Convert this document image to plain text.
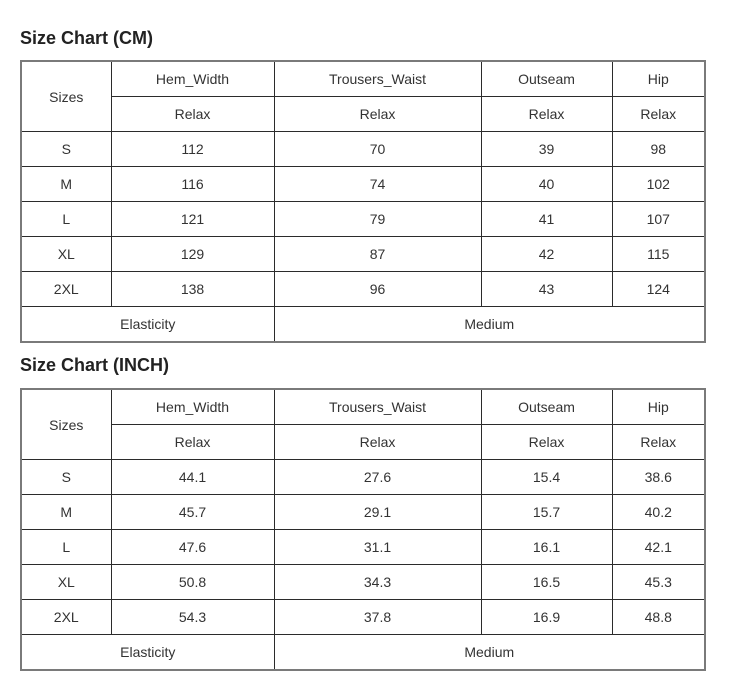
Size Chart (CM)
Sizes	Hem_Width	Trousers_Waist	Outseam	Hip
	Relax	Relax	Relax	Relax
S	112	70	39	98
M	116	74	40	102
L	121	79	41	107
XL	129	87	42	115
2XL	138	96	43	124
Elasticity		Medium		
Size Chart (INCH)
Sizes	Hem_Width	Trousers_Waist	Outseam	Hip
	Relax	Relax	Relax	Relax
S	44.1	27.6	15.4	38.6
M	45.7	29.1	15.7	40.2
L	47.6	31.1	16.1	42.1
XL	50.8	34.3	16.5	45.3
2XL	54.3	37.8	16.9	48.8
Elasticity		Medium		
